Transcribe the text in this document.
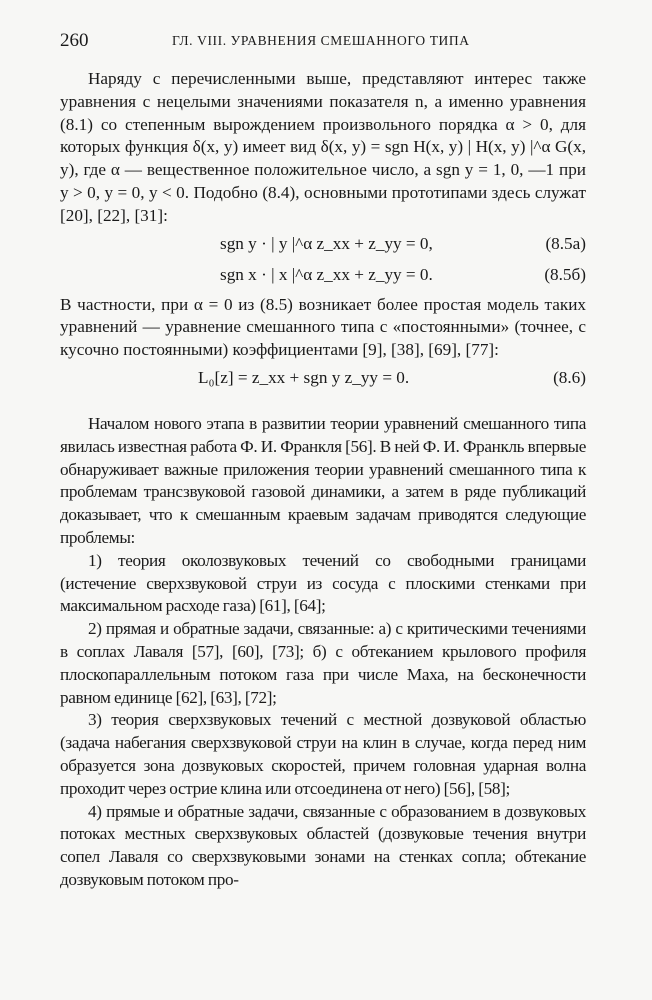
260	ГЛ. VIII. УРАВНЕНИЯ СМЕШАННОГО ТИПА

Наряду с перечисленными выше, представляют интерес также уравнения с нецелыми значениями показателя n, а именно уравнения (8.1) со степенным вырождением произвольного порядка α > 0, для которых функция δ(x, y) имеет вид δ(x, y) = sgn H(x, y) | H(x, y) |^α G(x, y), где α — вещественное положительное число, а sgn y = 1, 0, —1 при y > 0, y = 0, y < 0. Подобно (8.4), основными прототипами здесь служат [20], [22], [31]:

sgn y · | y |^α z_xx + z_yy = 0,	(8.5а)
sgn x · | x |^α z_xx + z_yy = 0.	(8.5б)

В частности, при α = 0 из (8.5) возникает более простая модель таких уравнений — уравнение смешанного типа с «постоянными» (точнее, с кусочно постоянными) коэффициентами [9], [38], [69], [77]:

L₀[z] = z_xx + sgn y z_yy = 0.	(8.6)

Началом нового этапа в развитии теории уравнений смешанного типа явилась известная работа Ф. И. Франкля [56]. В ней Ф. И. Франкль впервые обнаруживает важные приложения теории уравнений смешанного типа к проблемам трансзвуковой газовой динамики, а затем в ряде публикаций доказывает, что к смешанным краевым задачам приводятся следующие проблемы:

1) теория околозвуковых течений со свободными границами (истечение сверхзвуковой струи из сосуда с плоскими стенками при максимальном расходе газа) [61], [64];

2) прямая и обратные задачи, связанные: а) с критическими течениями в соплах Лаваля [57], [60], [73]; б) с обтеканием крылового профиля плоскопараллельным потоком газа при числе Маха, на бесконечности равном единице [62], [63], [72];

3) теория сверхзвуковых течений с местной дозвуковой областью (задача набегания сверхзвуковой струи на клин в случае, когда перед ним образуется зона дозвуковых скоростей, причем головная ударная волна проходит через острие клина или отсоединена от него) [56], [58];

4) прямые и обратные задачи, связанные с образованием в дозвуковых потоках местных сверхзвуковых областей (дозвуковые течения внутри сопел Лаваля со сверхзвуковыми зонами на стенках сопла; обтекание дозвуковым потоком про-
